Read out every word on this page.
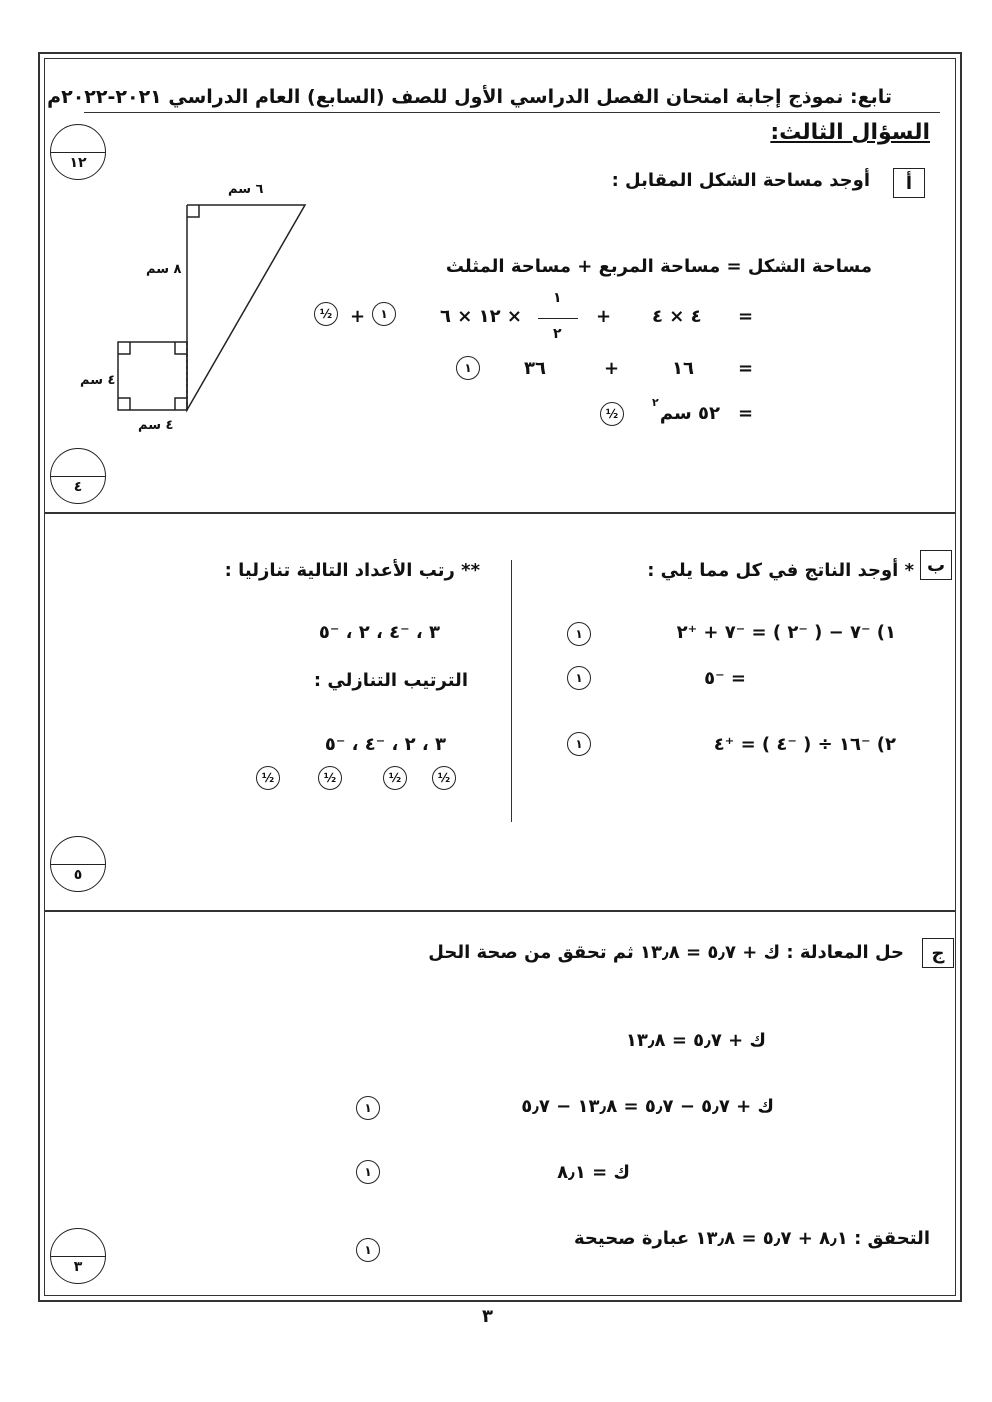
تابع: نموذج إجابة امتحان الفصل الدراسي الأول للصف (السابع) العام الدراسي ٢٠٢١-٢٠٢٢م
السؤال الثالث:
١٢
أ
أوجد مساحة الشكل المقابل :
٦ سم
٨ سم
٤ سم
٤ سم
مساحة الشكل = مساحة المربع + مساحة المثلث
=
٤ × ٤
+
١
٢
× ١٢ × ٦
١
+
½
=
١٦
+
٣٦
١
=
٥٢ سم
٢
½
٤
ب
* أوجد الناتج في كل مما يلي :
١) ⁻٧ − ( ⁻٢ ) = ⁻٧ + ⁺٢
١
= ⁻٥
١
٢) ⁻١٦ ÷ ( ⁻٤ ) = ⁺٤
١
** رتب الأعداد التالية تنازليا :
٣ ، ⁻٤ ، ٢ ، ⁻٥
الترتيب التنازلي :
٣ ، ٢ ، ⁻٤ ، ⁻٥
½
½
½
½
٥
ج
حل المعادلة : ك + ٥٫٧ = ١٣٫٨ ثم تحقق من صحة الحل
ك + ٥٫٧ = ١٣٫٨
ك + ٥٫٧ − ٥٫٧ = ١٣٫٨ − ٥٫٧
١
ك = ٨٫١
١
التحقق : ٨٫١ + ٥٫٧ = ١٣٫٨ عبارة صحيحة
١
٣
٣
